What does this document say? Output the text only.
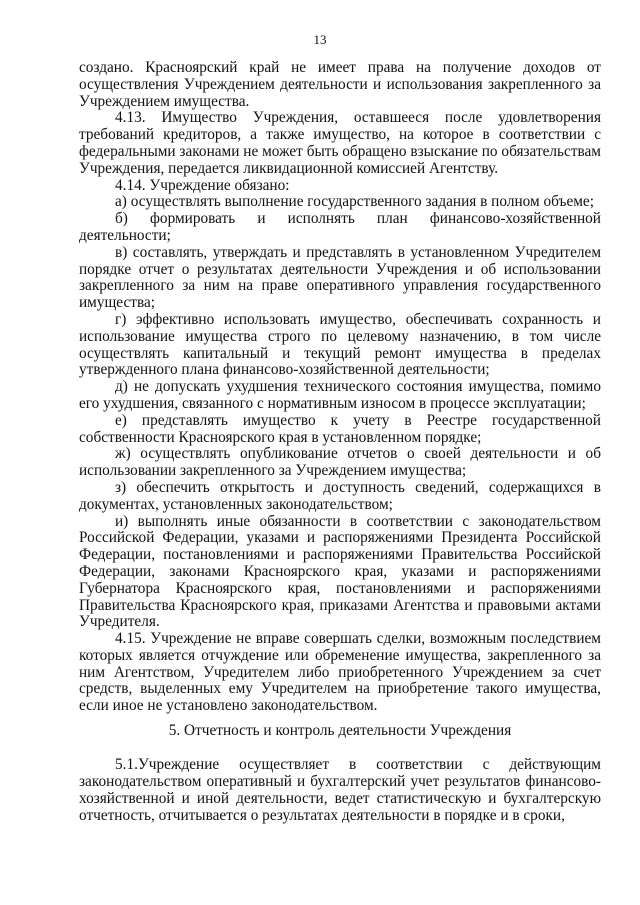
13

создано. Красноярский край не имеет права на получение доходов от осуществления Учреждением деятельности и использования закрепленного за Учреждением имущества.

4.13. Имущество Учреждения, оставшееся после удовлетворения требований кредиторов, а также имущество, на которое в соответствии с федеральными законами не может быть обращено взыскание по обязательствам Учреждения, передается ликвидационной комиссией Агентству.

4.14. Учреждение обязано:

а) осуществлять выполнение государственного задания в полном объеме;

б) формировать и исполнять план финансово-хозяйственной деятельности;

в) составлять, утверждать и представлять в установленном Учредителем порядке отчет о результатах деятельности Учреждения и об использовании закрепленного за ним на праве оперативного управления государственного имущества;

г) эффективно использовать имущество, обеспечивать сохранность и использование имущества строго по целевому назначению, в том числе осуществлять капитальный и текущий ремонт имущества в пределах утвержденного плана финансово-хозяйственной деятельности;

д) не допускать ухудшения технического состояния имущества, помимо его ухудшения, связанного с нормативным износом в процессе эксплуатации;

е) представлять имущество к учету в Реестре государственной собственности Красноярского края в установленном порядке;

ж) осуществлять опубликование отчетов о своей деятельности и об использовании закрепленного за Учреждением имущества;

з) обеспечить открытость и доступность сведений, содержащихся в документах, установленных законодательством;

и) выполнять иные обязанности в соответствии с законодательством Российской Федерации, указами и распоряжениями Президента Российской Федерации, постановлениями и распоряжениями Правительства Российской Федерации, законами Красноярского края, указами и распоряжениями Губернатора Красноярского края, постановлениями и распоряжениями Правительства Красноярского края, приказами Агентства и правовыми актами Учредителя.

4.15. Учреждение не вправе совершать сделки, возможным последствием которых является отчуждение или обременение имущества, закрепленного за ним Агентством, Учредителем либо приобретенного Учреждением за счет средств, выделенных ему Учредителем на приобретение такого имущества, если иное не установлено законодательством.

5. Отчетность и контроль деятельности Учреждения

5.1.Учреждение осуществляет в соответствии с действующим законодательством оперативный и бухгалтерский учет результатов финансово-хозяйственной и иной деятельности, ведет статистическую и бухгалтерскую отчетность, отчитывается о результатах деятельности в порядке и в сроки,
